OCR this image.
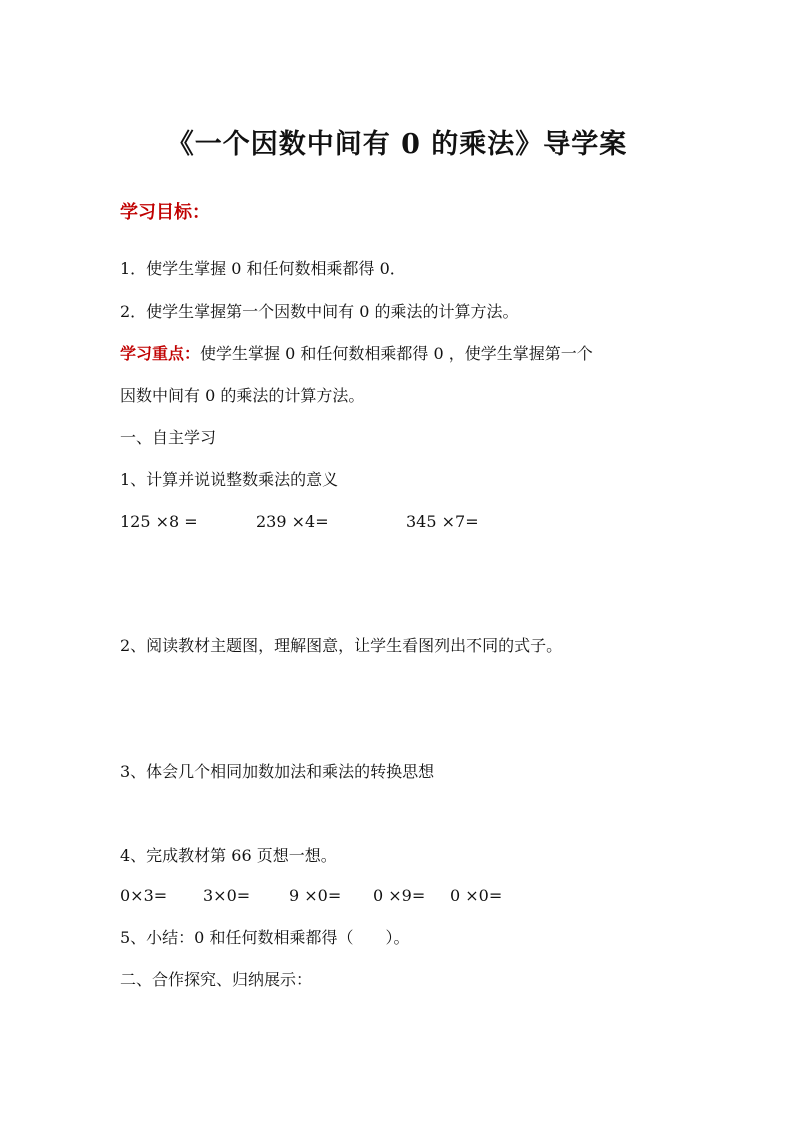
《一个因数中间有 0 的乘法》导学案
学习目标：
1．使学生掌握 0 和任何数相乘都得 0．
2．使学生掌握第一个因数中间有 0 的乘法的计算方法。
学习重点：使学生掌握 0 和任何数相乘都得 0 ，使学生掌握第一个
因数中间有 0 的乘法的计算方法。
一、自主学习
1、计算并说说整数乘法的意义
125 ×8 =	239 ×4=	345 ×7=
2、阅读教材主题图，理解图意，让学生看图列出不同的式子。
3、体会几个相同加数加法和乘法的转换思想
4、完成教材第 66 页想一想。
0×3= 3×0= 9 ×0= 0 ×9= 0 ×0=
5、小结：0 和任何数相乘都得（　　）。
二、合作探究、归纳展示：
